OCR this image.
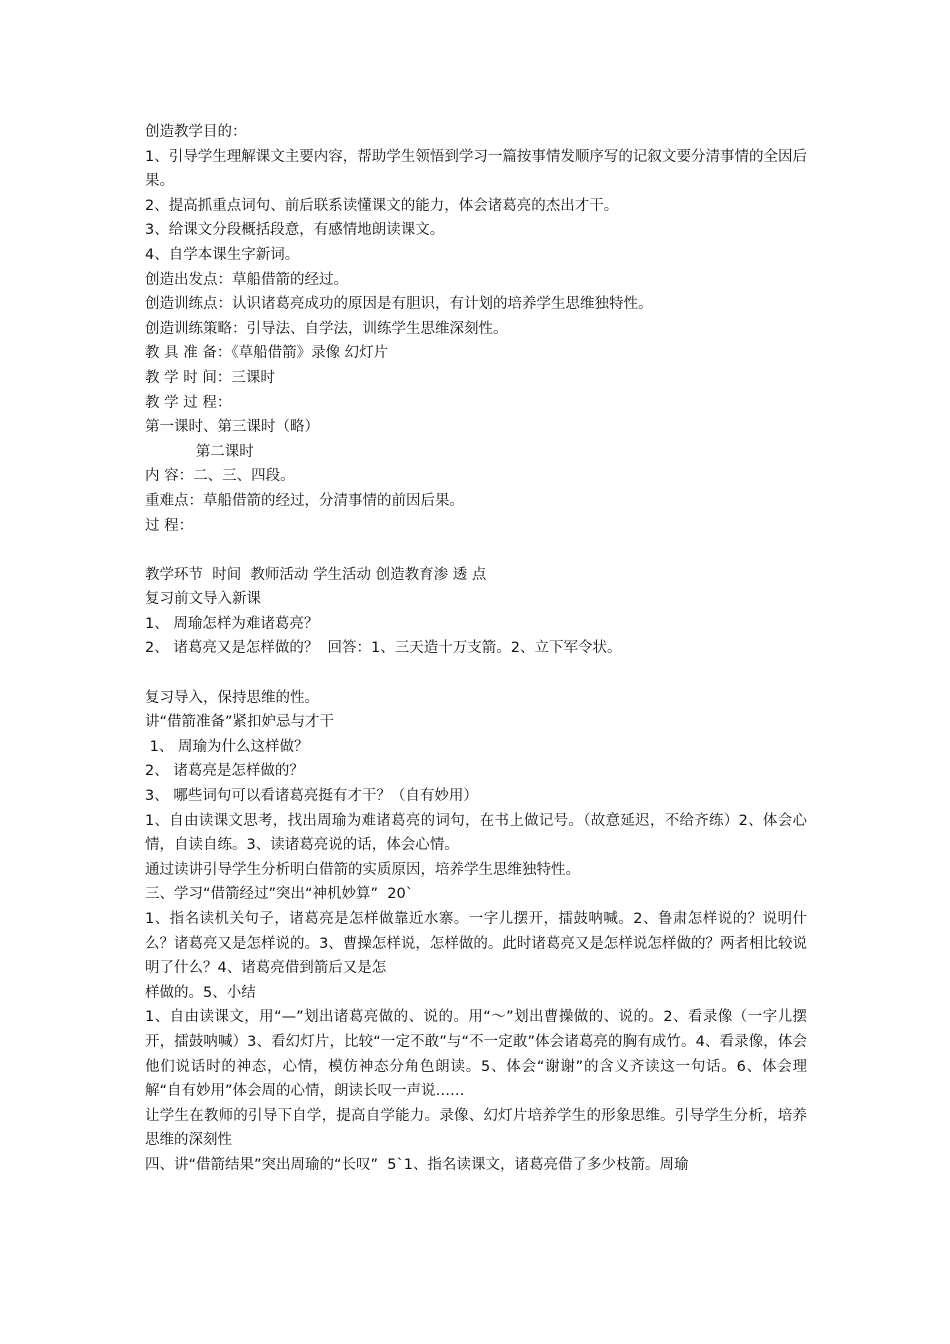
创造教学目的：

1、引导学生理解课文主要内容，帮助学生领悟到学习一篇按事情发顺序写的记叙文要分清事情的全因后果。

2、提高抓重点词句、前后联系读懂课文的能力，体会诸葛亮的杰出才干。

3、给课文分段概括段意，有感情地朗读课文。

4、自学本课生字新词。

创造出发点：草船借箭的经过。

创造训练点：认识诸葛亮成功的原因是有胆识，有计划的培养学生思维独特性。

创造训练策略：引导法、自学法，训练学生思维深刻性。

教 具 准 备：《草船借箭》录像 幻灯片

教 学 时 间：三课时

教 学 过 程：

第一课时、第三课时（略）

第二课时

内 容：二、三、四段。

重难点：草船借箭的经过，分清事情的前因后果。

过 程：

教学环节  时间  教师活动 学生活动 创造教育渗 透 点

复习前文导入新课

1、 周瑜怎样为难诸葛亮？

2、 诸葛亮又是怎样做的？  回答：1、三天造十万支箭。2、立下军令状。

复习导入，保持思维的性。

讲“借箭准备”紧扣妒忌与才干

1、 周瑜为什么这样做？

2、 诸葛亮是怎样做的？

3、 哪些词句可以看诸葛亮挺有才干？（自有妙用）

1、自由读课文思考，找出周瑜为难诸葛亮的词句，在书上做记号。（故意延迟，不给齐练）2、体会心情，自读自练。3、读诸葛亮说的话，体会心情。

通过读讲引导学生分析明白借箭的实质原因，培养学生思维独特性。

三、学习“借箭经过”突出“神机妙算”  20`

1、指名读机关句子，诸葛亮是怎样做靠近水寨。一字儿摆开，擂鼓呐喊。2、鲁肃怎样说的？说明什么？诸葛亮又是怎样说的。3、曹操怎样说，怎样做的。此时诸葛亮又是怎样说怎样做的？两者相比较说明了什么？4、诸葛亮借到箭后又是怎

样做的。5、小结

1、自由读课文，用“—”划出诸葛亮做的、说的。用“～”划出曹操做的、说的。2、看录像（一字儿摆开，擂鼓呐喊）3、看幻灯片，比较“一定不敢”与“不一定敢”体会诸葛亮的胸有成竹。4、看录像，体会他们说话时的神态，心情，模仿神态分角色朗读。5、体会“谢谢”的含义齐读这一句话。6、体会理解“自有妙用”体会周的心情，朗读长叹一声说……

让学生在教师的引导下自学，提高自学能力。录像、幻灯片培养学生的形象思维。引导学生分析，培养思维的深刻性

四、讲“借箭结果”突出周瑜的“长叹”  5`1、指名读课文，诸葛亮借了多少枝箭。周瑜
